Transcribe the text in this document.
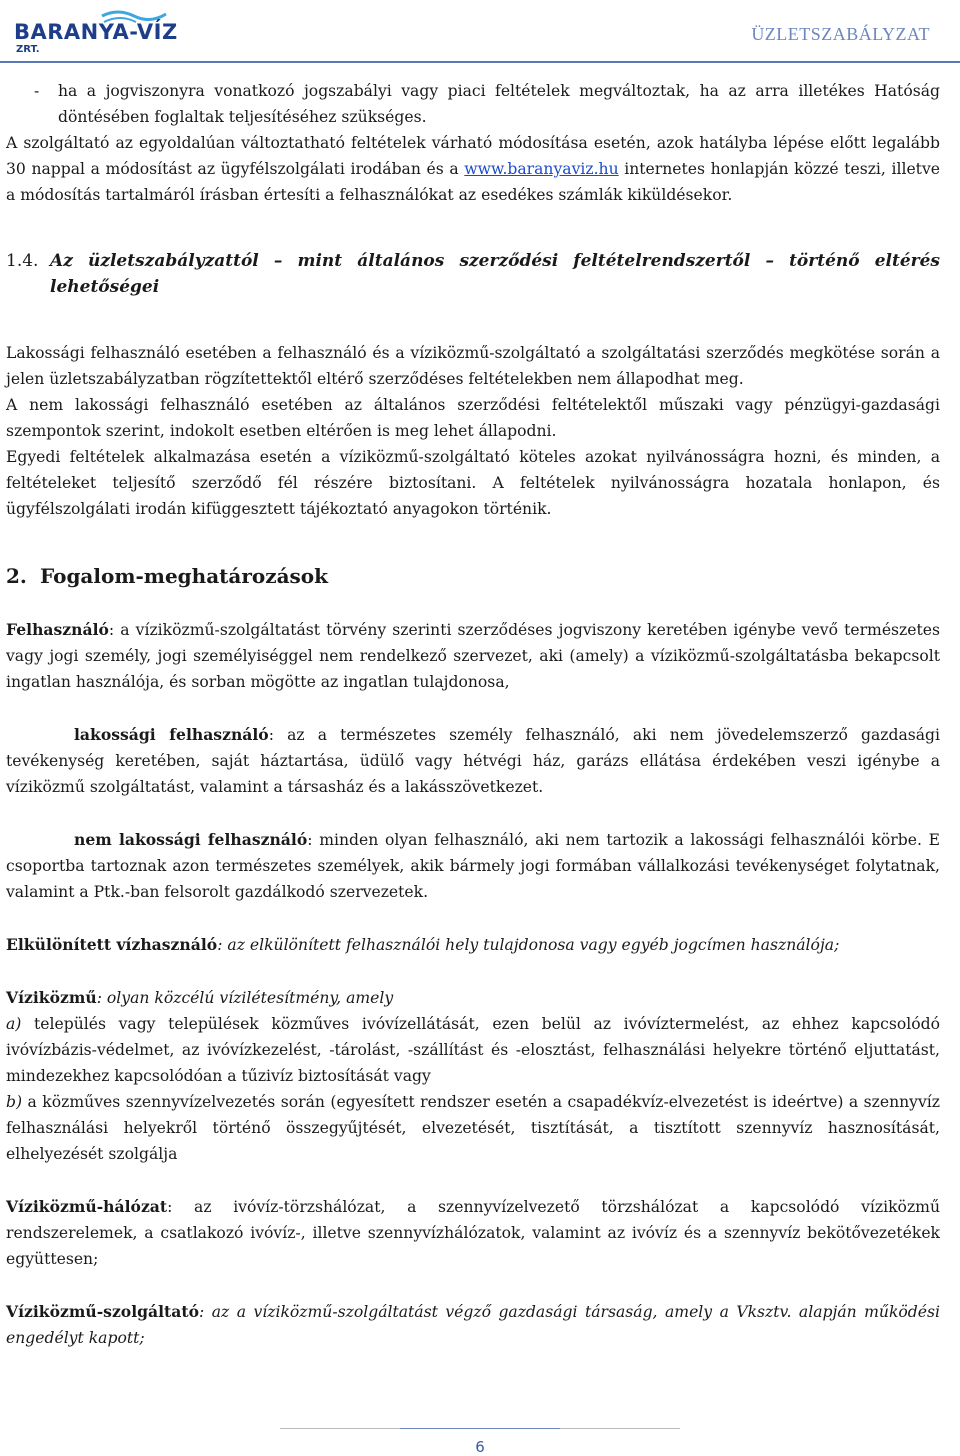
BARANYA-VÍZ
ZRT.
ÜZLETSZABÁLYZAT
-	ha a jogviszonyra vonatkozó jogszabályi vagy piaci feltételek megváltoztak, ha az arra illetékes Hatóság döntésében foglaltak teljesítéséhez szükséges.

A szolgáltató az egyoldalúan változtatható feltételek várható módosítása esetén, azok hatályba lépése előtt legalább 30 nappal a módosítást az ügyfélszolgálati irodában és a www.baranyaviz.hu internetes honlapján közzé teszi, illetve a módosítás tartalmáról írásban értesíti a felhasználókat az esedékes számlák kiküldésekor.

1.4. Az üzletszabályzattól – mint általános szerződési feltételrendszertől – történő eltérés lehetőségei

Lakossági felhasználó esetében a felhasználó és a víziközmű-szolgáltató a szolgáltatási szerződés megkötése során a jelen üzletszabályzatban rögzítettektől eltérő szerződéses feltételekben nem állapodhat meg.

A nem lakossági felhasználó esetében az általános szerződési feltételektől műszaki vagy pénzügyi-gazdasági szempontok szerint, indokolt esetben eltérően is meg lehet állapodni.

Egyedi feltételek alkalmazása esetén a víziközmű-szolgáltató köteles azokat nyilvánosságra hozni, és minden, a feltételeket teljesítő szerződő fél részére biztosítani. A feltételek nyilvánosságra hozatala honlapon, és ügyfélszolgálati irodán kifüggesztett tájékoztató anyagokon történik.

2. Fogalom-meghatározások

Felhasználó: a víziközmű-szolgáltatást törvény szerinti szerződéses jogviszony keretében igénybe vevő természetes vagy jogi személy, jogi személyiséggel nem rendelkező szervezet, aki (amely) a víziközmű-szolgáltatásba bekapcsolt ingatlan használója, és sorban mögötte az ingatlan tulajdonosa,

lakossági felhasználó: az a természetes személy felhasználó, aki nem jövedelemszerző gazdasági tevékenység keretében, saját háztartása, üdülő vagy hétvégi ház, garázs ellátása érdekében veszi igénybe a víziközmű szolgáltatást, valamint a társasház és a lakásszövetkezet.

nem lakossági felhasználó: minden olyan felhasználó, aki nem tartozik a lakossági felhasználói körbe. E csoportba tartoznak azon természetes személyek, akik bármely jogi formában vállalkozási tevékenységet folytatnak, valamint a Ptk.-ban felsorolt gazdálkodó szervezetek.

Elkülönített vízhasználó: az elkülönített felhasználói hely tulajdonosa vagy egyéb jogcímen használója;

Víziközmű: olyan közcélú vízilétesítmény, amely

a) település vagy települések közműves ivóvízellátását, ezen belül az ivóvíztermelést, az ehhez kapcsolódó ivóvízbázis-védelmet, az ivóvízkezelést, -tárolást, -szállítást és -elosztást, felhasználási helyekre történő eljuttatást, mindezekhez kapcsolódóan a tűzivíz biztosítását vagy

b) a közműves szennyvízelvezetés során (egyesített rendszer esetén a csapadékvíz-elvezetést is ideértve) a szennyvíz felhasználási helyekről történő összegyűjtését, elvezetését, tisztítását, a tisztított szennyvíz hasznosítását, elhelyezését szolgálja

Víziközmű-hálózat: az ivóvíz-törzshálózat, a szennyvízelvezető törzshálózat a kapcsolódó víziközmű rendszerelemek, a csatlakozó ivóvíz-, illetve szennyvízhálózatok, valamint az ivóvíz és a szennyvíz bekötővezetékek együttesen;

Víziközmű-szolgáltató: az a víziközmű-szolgáltatást végző gazdasági társaság, amely a Vksztv. alapján működési engedélyt kapott;

6
